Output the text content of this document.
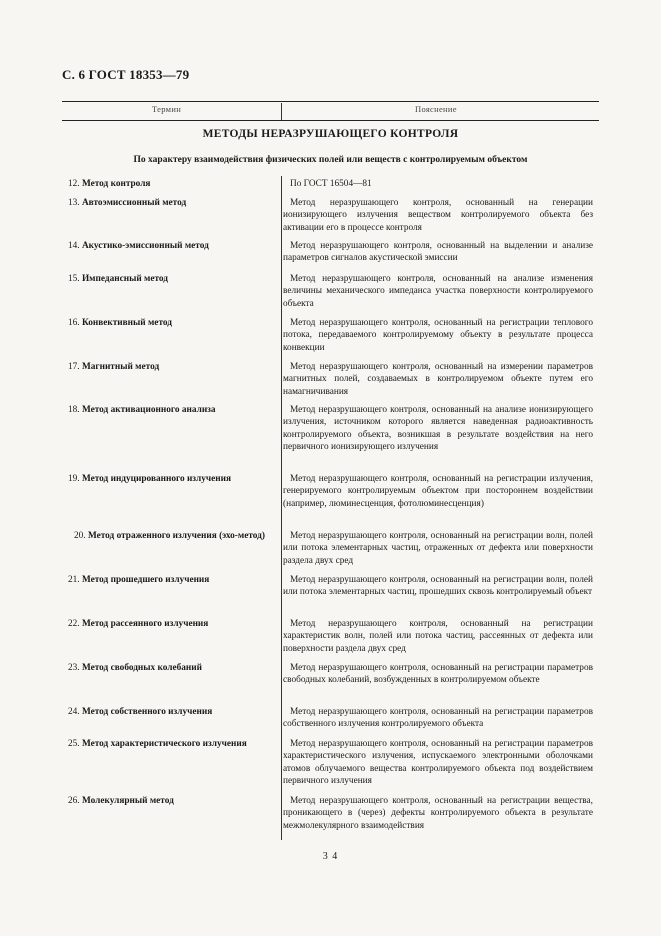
С. 6 ГОСТ 18353—79
Термин	Пояснение
МЕТОДЫ НЕРАЗРУШАЮЩЕГО КОНТРОЛЯ
По характеру взаимодействия физических полей или веществ с контролируемым объектом
12. Метод контроля	По ГОСТ 16504—81
13. Автоэмиссионный метод	Метод неразрушающего контроля, основанный на генерации ионизирующего излучения веществом контролируемого объекта без активации его в процессе контроля
14. Акустико-эмиссионный метод	Метод неразрушающего контроля, основанный на выделении и анализе параметров сигналов акустической эмиссии
15. Импедансный метод	Метод неразрушающего контроля, основанный на анализе изменения величины механического импеданса участка поверхности контролируемого объекта
16. Конвективный метод	Метод неразрушающего контроля, основанный на регистрации теплового потока, передаваемого контролируемому объекту в результате процесса конвекции
17. Магнитный метод	Метод неразрушающего контроля, основанный на измерении параметров магнитных полей, создаваемых в контролируемом объекте путем его намагничивания
18. Метод активационного анализа	Метод неразрушающего контроля, основанный на анализе ионизирующего излучения, источником которого является наведенная радиоактивность контролируемого объекта, возникшая в результате воздействия на него первичного ионизирующего излучения
19. Метод индуцированного излучения	Метод неразрушающего контроля, основанный на регистрации излучения, генерируемого контролируемым объектом при постороннем воздействии (например, люминесценция, фотолюминесценция)
20. Метод отраженного излучения (эхо-метод)	Метод неразрушающего контроля, основанный на регистрации волн, полей или потока элементарных частиц, отраженных от дефекта или поверхности раздела двух сред
21. Метод прошедшего излучения	Метод неразрушающего контроля, основанный на регистрации волн, полей или потока элементарных частиц, прошедших сквозь контролируемый объект
22. Метод рассеянного излучения	Метод неразрушающего контроля, основанный на регистрации характеристик волн, полей или потока частиц, рассеянных от дефекта или поверхности раздела двух сред
23. Метод свободных колебаний	Метод неразрушающего контроля, основанный на регистрации параметров свободных колебаний, возбужденных в контролируемом объекте
24. Метод собственного излучения	Метод неразрушающего контроля, основанный на регистрации параметров собственного излучения контролируемого объекта
25. Метод характеристического излучения	Метод неразрушающего контроля, основанный на регистрации параметров характеристического излучения, испускаемого электронными оболочками атомов облучаемого вещества контролируемого объекта под воздействием первичного излучения
26. Молекулярный метод	Метод неразрушающего контроля, основанный на регистрации вещества, проникающего в (через) дефекты контролируемого объекта в результате межмолекулярного взаимодействия
3 4
